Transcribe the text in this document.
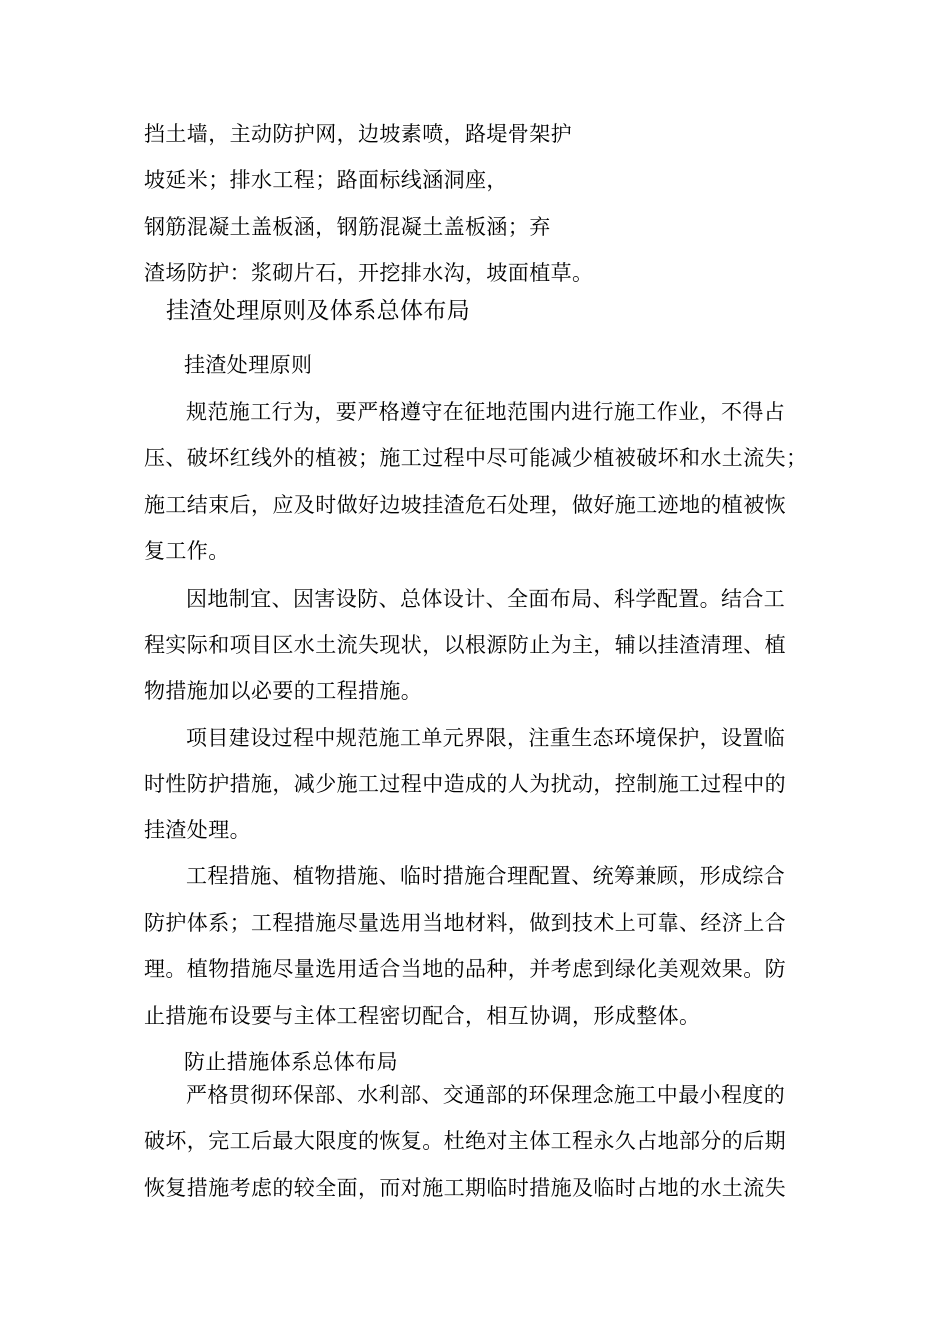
挡土墙，主动防护网，边坡素喷，路堤骨架护
坡延米；排水工程；路面标线涵洞座，
钢筋混凝土盖板涵，钢筋混凝土盖板涵；弃
渣场防护：浆砌片石，开挖排水沟，坡面植草。
挂渣处理原则及体系总体布局
挂渣处理原则
规范施工行为，要严格遵守在征地范围内进行施工作业，不得占
压、破坏红线外的植被；施工过程中尽可能减少植被破坏和水土流失；
施工结束后，应及时做好边坡挂渣危石处理，做好施工迹地的植被恢
复工作。
因地制宜、因害设防、总体设计、全面布局、科学配置。结合工
程实际和项目区水土流失现状，以根源防止为主，辅以挂渣清理、植
物措施加以必要的工程措施。
项目建设过程中规范施工单元界限，注重生态环境保护，设置临
时性防护措施，减少施工过程中造成的人为扰动，控制施工过程中的
挂渣处理。
工程措施、植物措施、临时措施合理配置、统筹兼顾，形成综合
防护体系；工程措施尽量选用当地材料，做到技术上可靠、经济上合
理。植物措施尽量选用适合当地的品种，并考虑到绿化美观效果。防
止措施布设要与主体工程密切配合，相互协调，形成整体。
防止措施体系总体布局
严格贯彻环保部、水利部、交通部的环保理念施工中最小程度的
破坏，完工后最大限度的恢复。杜绝对主体工程永久占地部分的后期
恢复措施考虑的较全面，而对施工期临时措施及临时占地的水土流失
